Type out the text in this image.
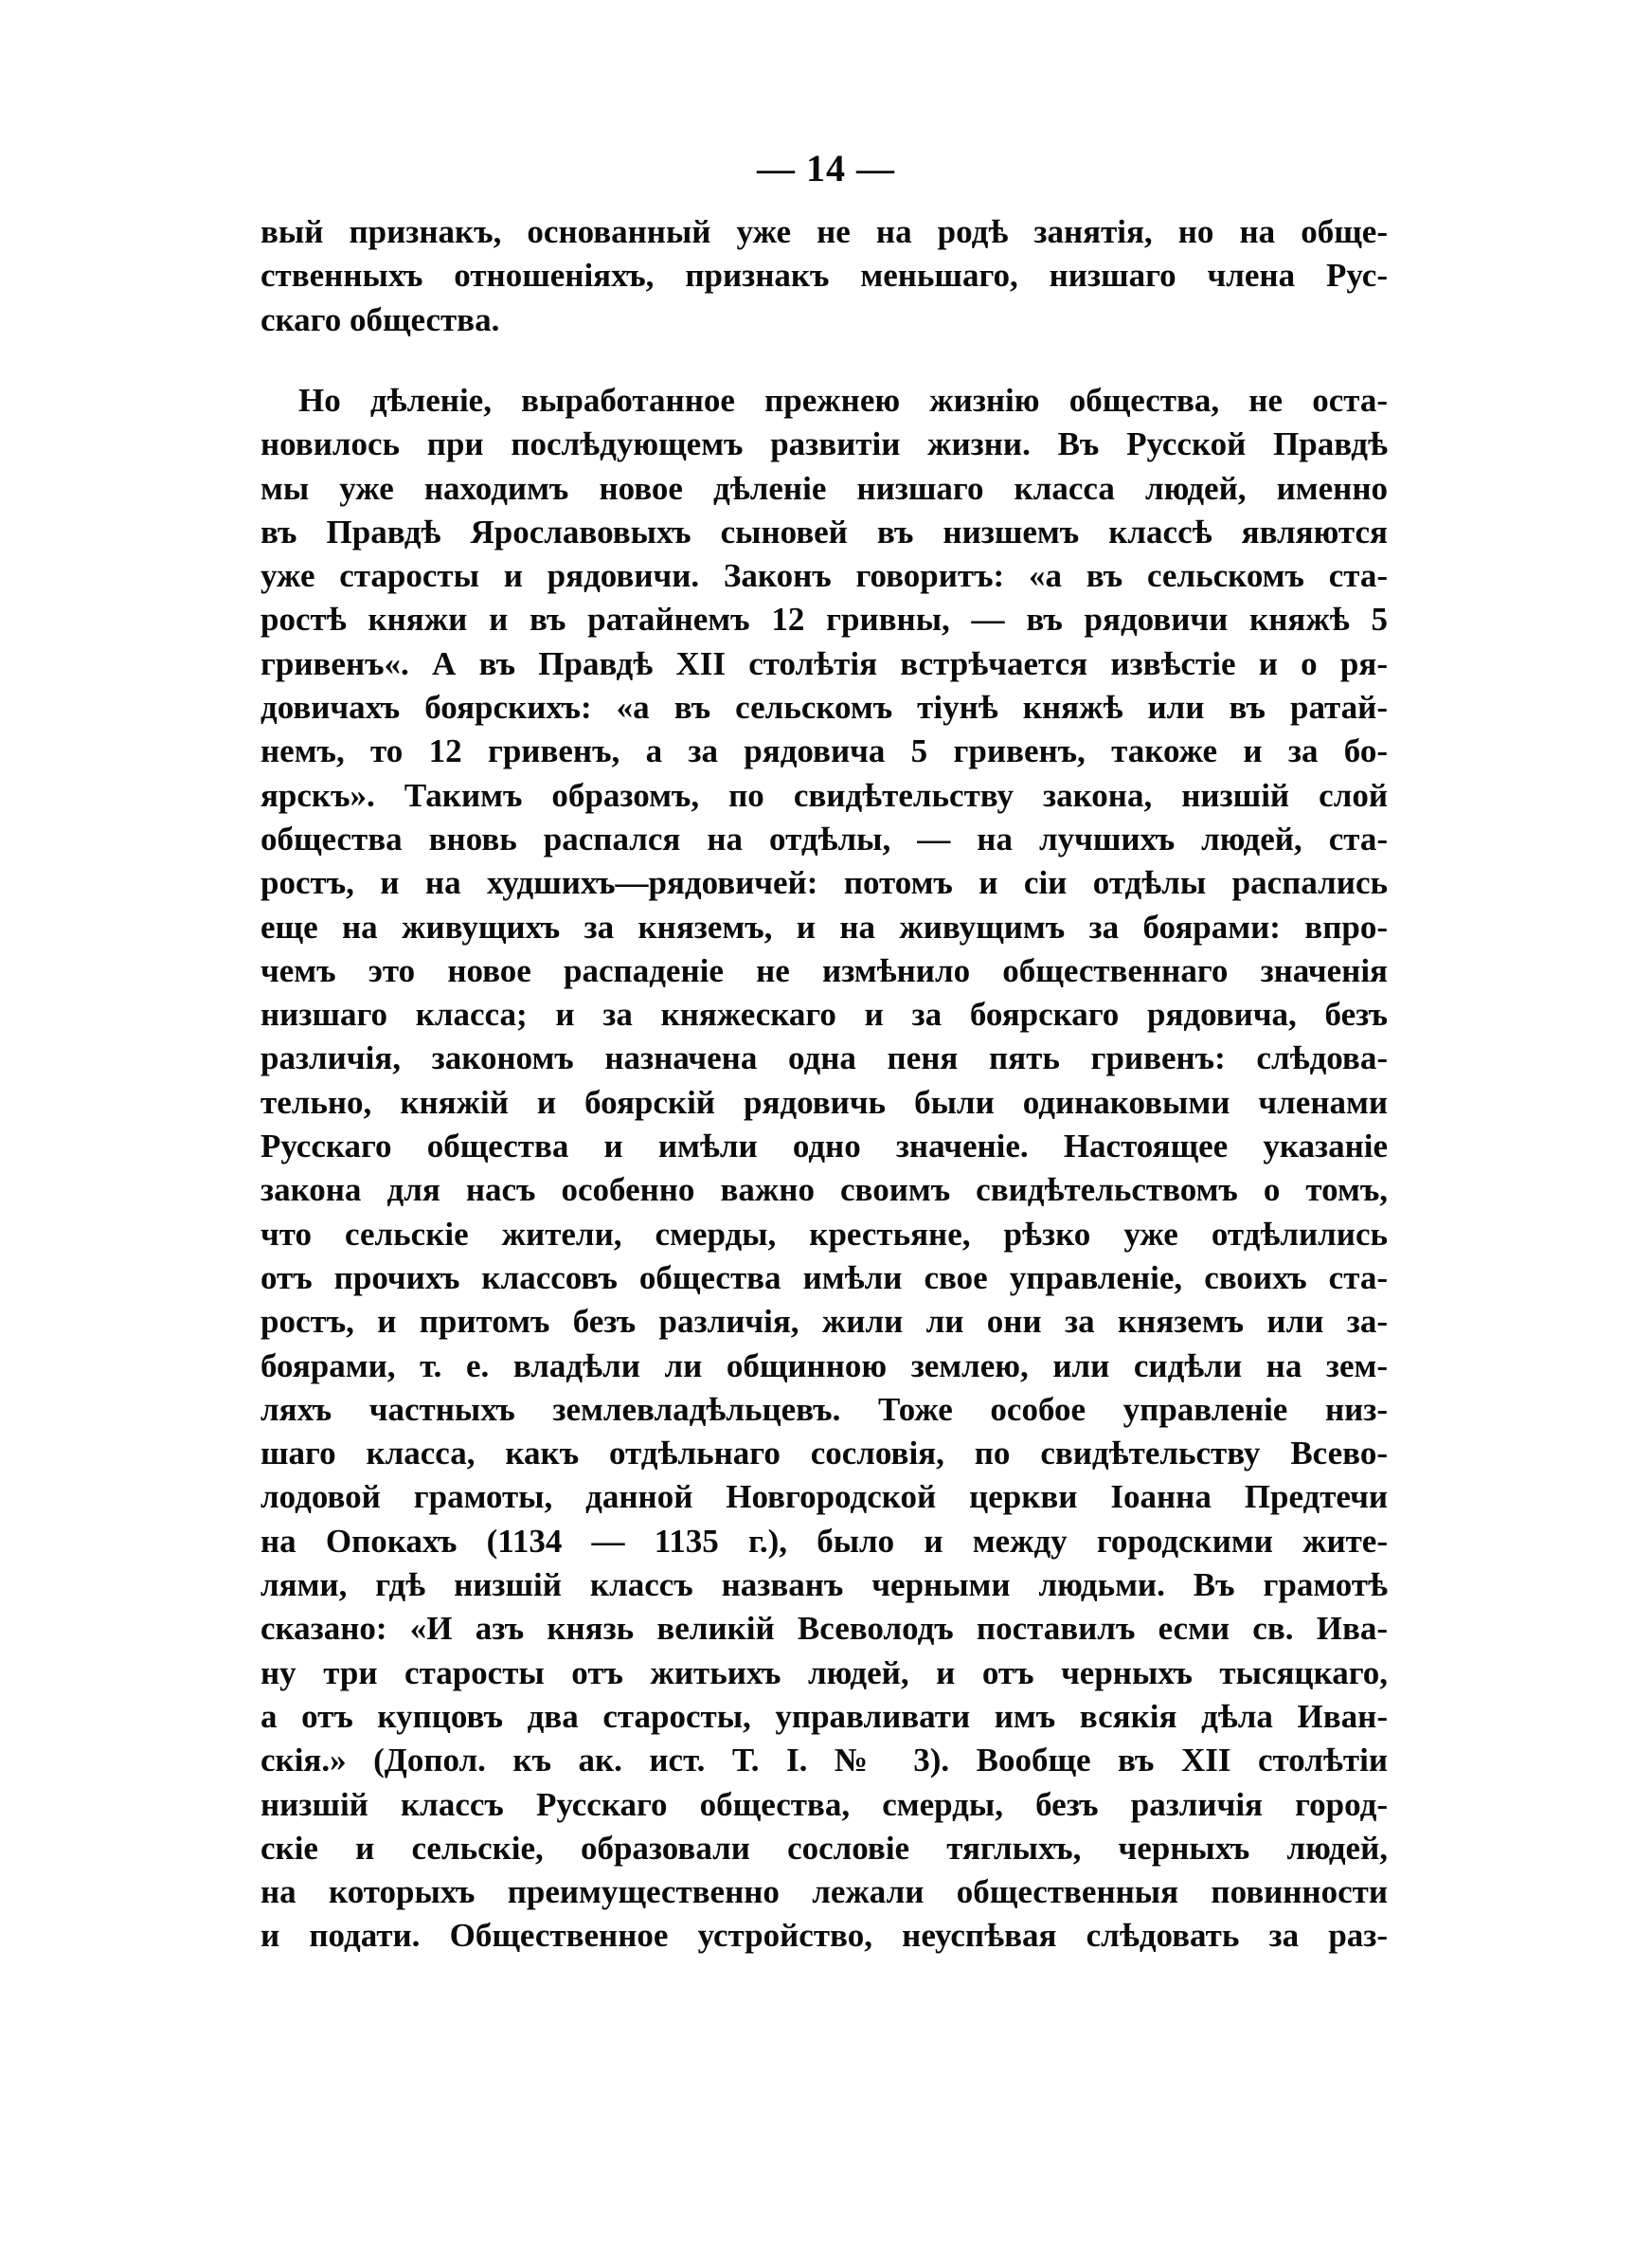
— 14 —
вый признакъ, основанный уже не на родѣ занятія, но на обще-
ственныхъ отношеніяхъ, признакъ меньшаго, низшаго члена Рус-
скаго общества.
Но дѣленіе, выработанное прежнею жизнію общества, не оста-
новилось при послѣдующемъ развитіи жизни. Въ Русской Правдѣ
мы уже находимъ новое дѣленіе низшаго класса людей, именно
въ Правдѣ Ярославовыхъ сыновей въ низшемъ классѣ являются
уже старосты и рядовичи. Законъ говоритъ: «а въ сельскомъ ста-
ростѣ княжи и въ ратайнемъ 12 гривны, — въ рядовичи княжѣ 5
гривенъ«. А въ Правдѣ XII столѣтія встрѣчается извѣстіе и о ря-
довичахъ боярскихъ: «а въ сельскомъ тіунѣ княжѣ или въ ратай-
немъ, то 12 гривенъ, а за рядовича 5 гривенъ, такоже и за бо-
ярскъ». Такимъ образомъ, по свидѣтельству закона, низшій слой
общества вновь распался на отдѣлы, — на лучшихъ людей, ста-
ростъ, и на худшихъ—рядовичей: потомъ и сіи отдѣлы распались
еще на живущихъ за княземъ, и на живущимъ за боярами: впро-
чемъ это новое распаденіе не измѣнило общественнаго значенія
низшаго класса; и за княжескаго и за боярскаго рядовича, безъ
различія, закономъ назначена одна пеня пять гривенъ: слѣдова-
тельно, княжій и боярскій рядовичь были одинаковыми членами
Русскаго общества и имѣли одно значеніе. Настоящее указаніе
закона для насъ особенно важно своимъ свидѣтельствомъ о томъ,
что сельскіе жители, смерды, крестьяне, рѣзко уже отдѣлились
отъ прочихъ классовъ общества имѣли свое управленіе, своихъ ста-
ростъ, и притомъ безъ различія, жили ли они за княземъ или за-
боярами, т. е. владѣли ли общинною землею, или сидѣли на зем-
ляхъ частныхъ землевладѣльцевъ. Тоже особое управленіе низ-
шаго класса, какъ отдѣльнаго сословія, по свидѣтельству Всево-
лодовой грамоты, данной Новгородской церкви Іоанна Предтечи
на Опокахъ (1134 — 1135 г.), было и между городскими жите-
лями, гдѣ низшій классъ названъ черными людьми. Въ грамотѣ
сказано: «И азъ князь великій Всеволодъ поставилъ есми св. Ива-
ну три старосты отъ житьихъ людей, и отъ черныхъ тысяцкаго,
а отъ купцовъ два старосты, управливати имъ всякія дѣла Иван-
скія.» (Допол. къ ак. ист. Т. I. № 3). Вообще въ XII столѣтіи
низшій классъ Русскаго общества, смерды, безъ различія город-
скіе и сельскіе, образовали сословіе тяглыхъ, черныхъ людей,
на которыхъ преимущественно лежали общественныя повинности
и подати. Общественное устройство, неуспѣвая слѣдовать за раз-
